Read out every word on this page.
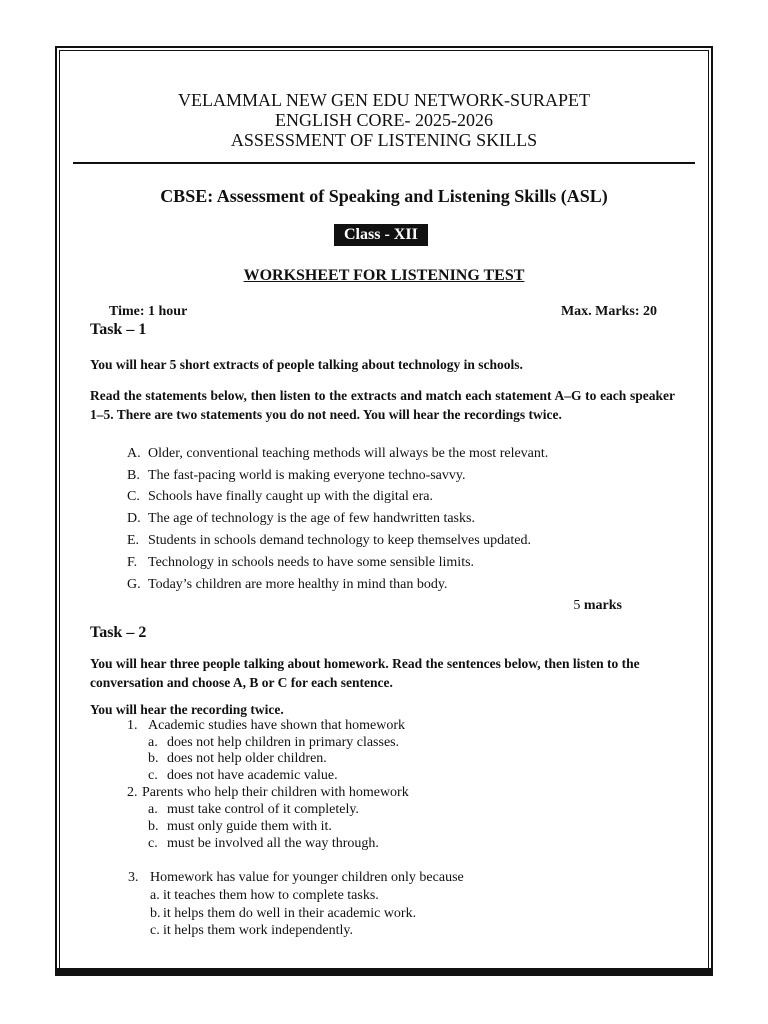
VELAMMAL NEW GEN EDU NETWORK-SURAPET
ENGLISH CORE- 2025-2026
ASSESSMENT OF LISTENING SKILLS
CBSE: Assessment of Speaking and Listening Skills (ASL)
Class - XII
WORKSHEET FOR LISTENING TEST
Time: 1 hour	Max. Marks: 20
Task – 1
You will hear 5 short extracts of people talking about technology in schools.
Read the statements below, then listen to the extracts and match each statement A–G to each speaker 1–5. There are two statements you do not need. You will hear the recordings twice.
A. Older, conventional teaching methods will always be the most relevant.
B. The fast-pacing world is making everyone techno-savvy.
C. Schools have finally caught up with the digital era.
D. The age of technology is the age of few handwritten tasks.
E. Students in schools demand technology to keep themselves updated.
F. Technology in schools needs to have some sensible limits.
G. Today’s children are more healthy in mind than body.
5 marks
Task – 2
You will hear three people talking about homework. Read the sentences below, then listen to the conversation and choose A, B or C for each sentence.
You will hear the recording twice.
1. Academic studies have shown that homework
a. does not help children in primary classes.
b. does not help older children.
c. does not have academic value.
2. Parents who help their children with homework
a. must take control of it completely.
b. must only guide them with it.
c. must be involved all the way through.
3. Homework has value for younger children only because
a. it teaches them how to complete tasks.
b. it helps them do well in their academic work.
c. it helps them work independently.
